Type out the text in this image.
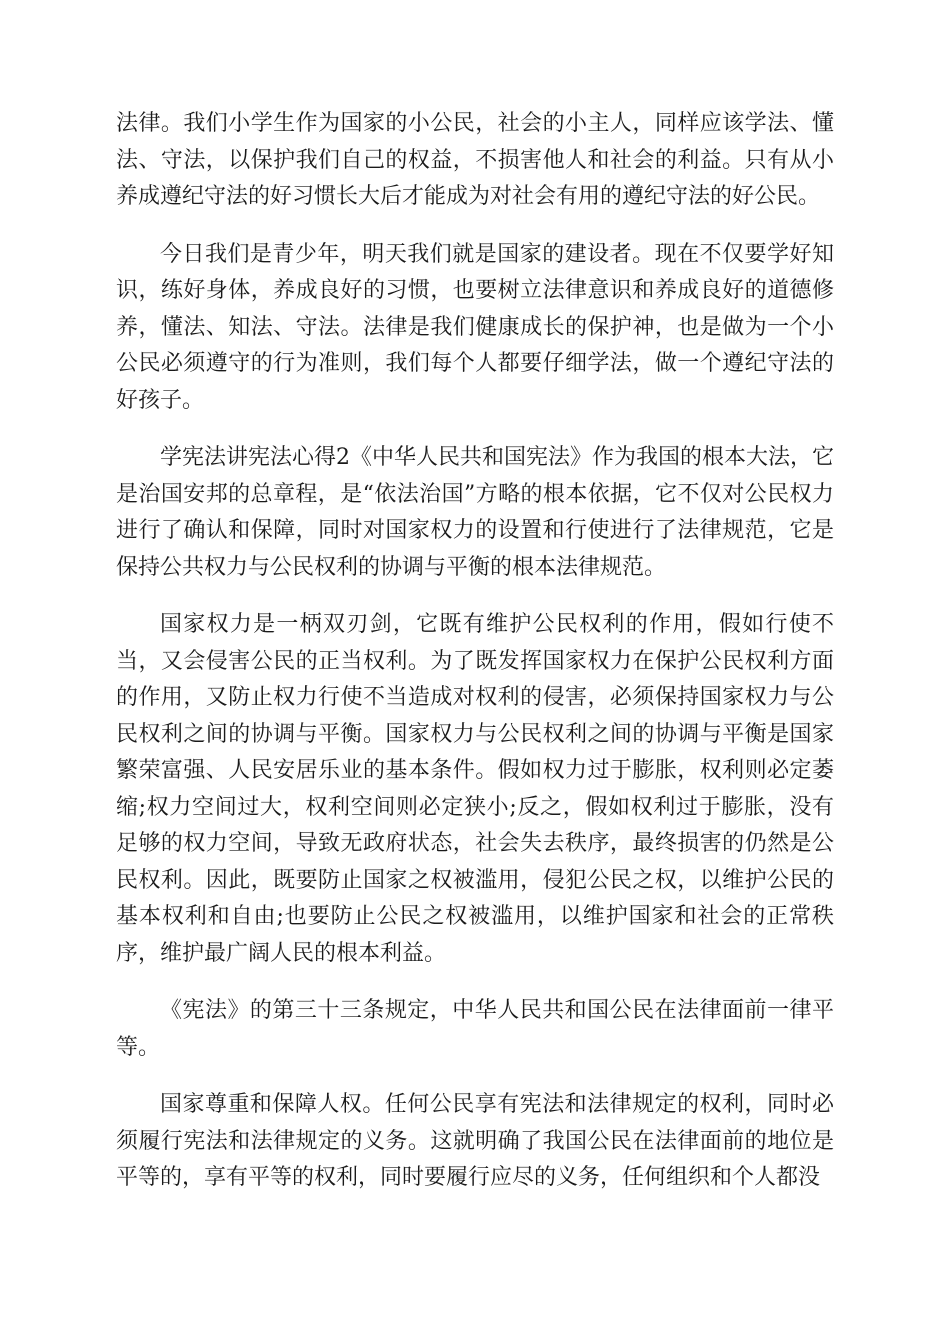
法律。我们小学生作为国家的小公民，社会的小主人，同样应该学法、懂法、守法，以保护我们自己的权益，不损害他人和社会的利益。只有从小养成遵纪守法的好习惯长大后才能成为对社会有用的遵纪守法的好公民。

今日我们是青少年，明天我们就是国家的建设者。现在不仅要学好知识，练好身体，养成良好的习惯，也要树立法律意识和养成良好的道德修养，懂法、知法、守法。法律是我们健康成长的保护神，也是做为一个小公民必须遵守的行为准则，我们每个人都要仔细学法，做一个遵纪守法的好孩子。

学宪法讲宪法心得2《中华人民共和国宪法》作为我国的根本大法，它是治国安邦的总章程，是“依法治国”方略的根本依据，它不仅对公民权力进行了确认和保障，同时对国家权力的设置和行使进行了法律规范，它是保持公共权力与公民权利的协调与平衡的根本法律规范。

国家权力是一柄双刃剑，它既有维护公民权利的作用，假如行使不当，又会侵害公民的正当权利。为了既发挥国家权力在保护公民权利方面的作用，又防止权力行使不当造成对权利的侵害，必须保持国家权力与公民权利之间的协调与平衡。国家权力与公民权利之间的协调与平衡是国家繁荣富强、人民安居乐业的基本条件。假如权力过于膨胀，权利则必定萎缩;权力空间过大，权利空间则必定狭小;反之，假如权利过于膨胀，没有足够的权力空间，导致无政府状态，社会失去秩序，最终损害的仍然是公民权利。因此，既要防止国家之权被滥用，侵犯公民之权，以维护公民的基本权利和自由;也要防止公民之权被滥用，以维护国家和社会的正常秩序，维护最广阔人民的根本利益。

《宪法》的第三十三条规定，中华人民共和国公民在法律面前一律平等。

国家尊重和保障人权。任何公民享有宪法和法律规定的权利，同时必须履行宪法和法律规定的义务。这就明确了我国公民在法律面前的地位是平等的，享有平等的权利，同时要履行应尽的义务，任何组织和个人都没
